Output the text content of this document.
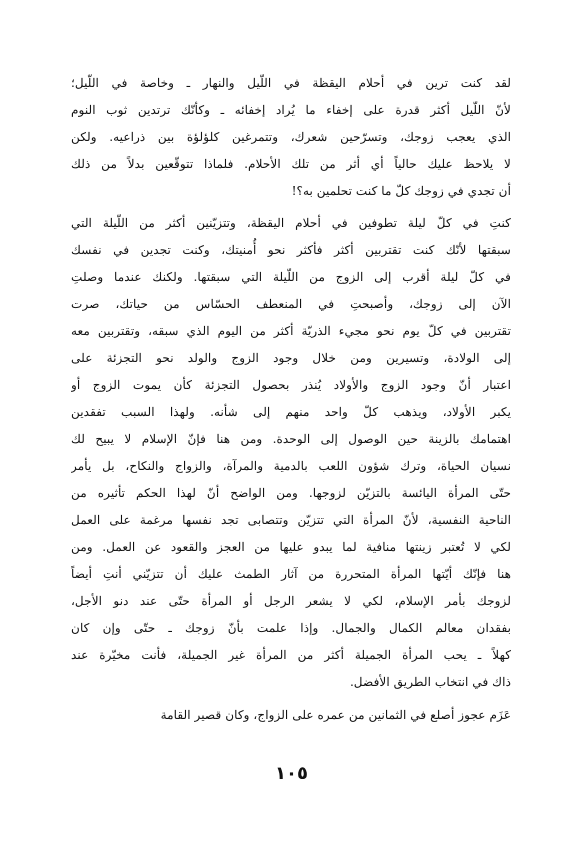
لقد كنت ترين في أحلام اليقظة في اللّيل والنهار ـ وخاصة في اللّيل؛
لأنّ اللّيل أكثر قدرة على إخفاء ما يُراد إخفائه ـ وكأنّك ترتدين ثوب النوم
الذي يعجب زوجك، وتسرّحين شعرك، وتتمرغين كلؤلؤة بين ذراعيه. ولكن
لا يلاحظ عليك حالياً أي أثر من تلك الأحلام. فلماذا تتوقّعين بدلاً من ذلك
أن تجدي في زوجك كلّ ما كنت تحلمين به؟!
كنتِ في كلّ ليلة تطوفين في أحلام اليقظة، وتتزيّنين أكثر من اللّيلة التي
سبقتها لأنّك كنت تقتربين أكثر فأكثر نحو أُمنيتك، وكنت تجدين في نفسك
في كلّ ليلة أقرب إلى الزوج من اللّيلة التي سبقتها. ولكنك عندما وصلتِ
الآن إلى زوجك، وأصبحتِ في المنعطف الحسّاس من حياتك، صرت
تقتربين في كلّ يوم نحو مجيء الذريّة أكثر من اليوم الذي سبقه، وتقتربين معه
إلى الولادة، وتسيرين ومن خلال وجود الزوج والولد نحو التجزئة على
اعتبار أنّ وجود الزوج والأولاد يُنذر بحصول التجزئة كأن يموت الزوج أو
يكبر الأولاد، ويذهب كلّ واحد منهم إلى شأنه. ولهذا السبب تفقدين
اهتمامك بالزينة حين الوصول إلى الوحدة. ومن هنا فإنّ الإسلام لا يبيح لك
نسيان الحياة، وترك شؤون اللعب بالدمية والمرآة، والزواج والنكاح، بل يأمر
حتّى المرأة اليائسة بالتزيّن لزوجها. ومن الواضح أنّ لهذا الحكم تأثيره من
الناحية النفسية، لأنّ المرأة التي تتزيّن وتتصابى تجد نفسها مرغمة على العمل
لكي لا تُعتبر زينتها منافية لما يبدو عليها من العجز والقعود عن العمل. ومن
هنا فإنّك أيّتها المرأة المتحررة من آثار الطمث عليك أن تتزيّني أنتِ أيضاً
لزوجك بأمر الإسلام، لكي لا يشعر الرجل أو المرأة حتّى عند دنو الأجل،
بفقدان معالم الكمال والجمال. وإذا علمت بأنّ زوجك ـ حتّى وإن كان
كهلاً ـ يحب المرأة الجميلة أكثر من المرأة غير الجميلة، فأنت مخيّرة عند
ذاك في انتخاب الطريق الأفضل.
عَزَم عجوز أصلع في الثمانين من عمره على الزواج، وكان قصير القامة
١٠٥
